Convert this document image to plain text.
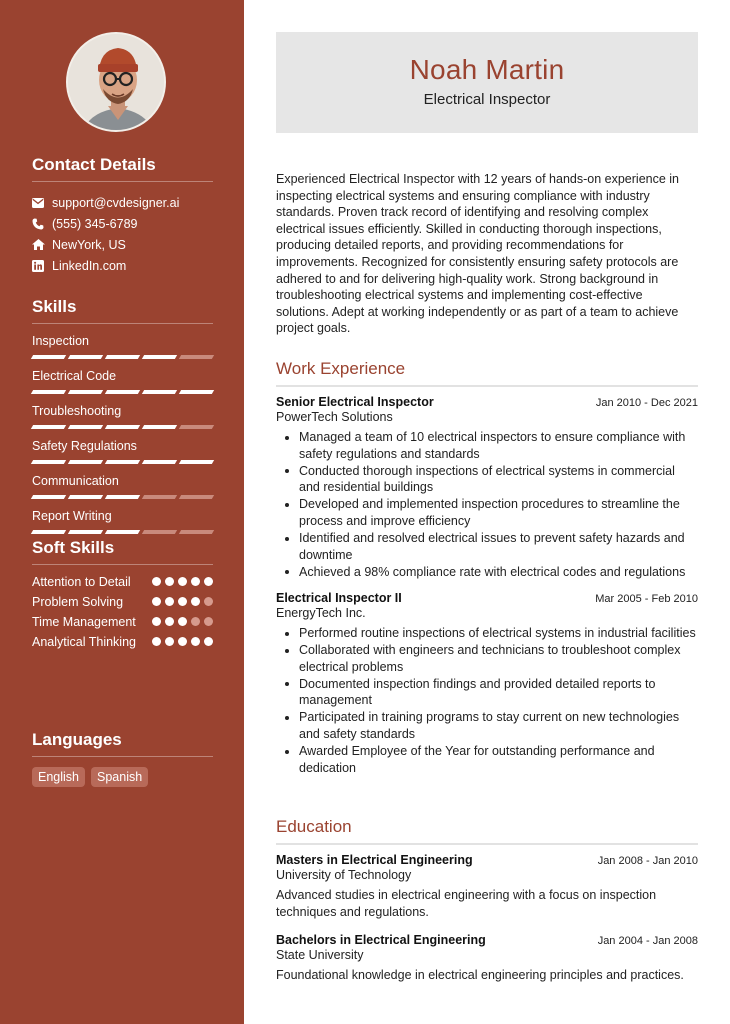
Contact Details
support@cvdesigner.ai
(555) 345-6789
NewYork, US
LinkedIn.com
Skills
Inspection
Electrical Code
Troubleshooting
Safety Regulations
Communication
Report Writing
Soft Skills
Attention to Detail
Problem Solving
Time Management
Analytical Thinking
Languages
English	Spanish
Noah Martin
Electrical Inspector
Experienced Electrical Inspector with 12 years of hands-on experience in inspecting electrical systems and ensuring compliance with industry standards. Proven track record of identifying and resolving complex electrical issues efficiently. Skilled in conducting thorough inspections, producing detailed reports, and providing recommendations for improvements. Recognized for consistently ensuring safety protocols are adhered to and for delivering high-quality work. Strong background in troubleshooting electrical systems and implementing cost-effective solutions. Adept at working independently or as part of a team to achieve project goals.
Work Experience
Senior Electrical Inspector	Jan 2010 - Dec 2021
PowerTech Solutions
Managed a team of 10 electrical inspectors to ensure compliance with safety regulations and standards
Conducted thorough inspections of electrical systems in commercial and residential buildings
Developed and implemented inspection procedures to streamline the process and improve efficiency
Identified and resolved electrical issues to prevent safety hazards and downtime
Achieved a 98% compliance rate with electrical codes and regulations
Electrical Inspector II	Mar 2005 - Feb 2010
EnergyTech Inc.
Performed routine inspections of electrical systems in industrial facilities
Collaborated with engineers and technicians to troubleshoot complex electrical problems
Documented inspection findings and provided detailed reports to management
Participated in training programs to stay current on new technologies and safety standards
Awarded Employee of the Year for outstanding performance and dedication
Education
Masters in Electrical Engineering	Jan 2008 - Jan 2010
University of Technology
Advanced studies in electrical engineering with a focus on inspection techniques and regulations.
Bachelors in Electrical Engineering	Jan 2004 - Jan 2008
State University
Foundational knowledge in electrical engineering principles and practices.
